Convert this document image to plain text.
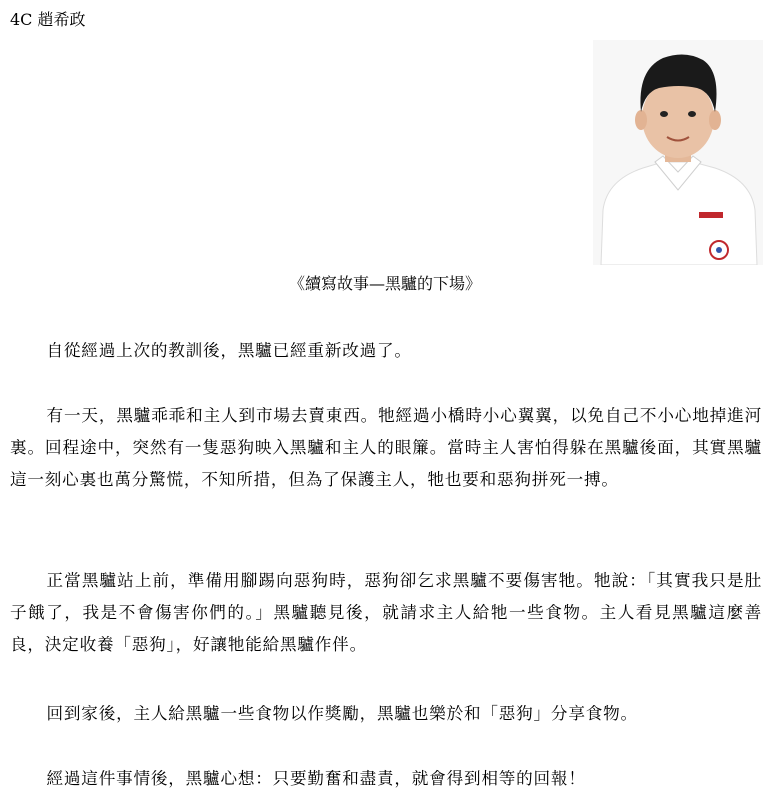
4C 趙希政
《續寫故事—黑驢的下場》

自從經過上次的教訓後，黑驢已經重新改過了。

有一天，黑驢乖乖和主人到市場去賣東西。牠經過小橋時小心翼翼，以免自己不小心地掉進河裏。回程途中，突然有一隻惡狗映入黑驢和主人的眼簾。當時主人害怕得躲在黑驢後面，其實黑驢這一刻心裏也萬分驚慌，不知所措，但為了保護主人，牠也要和惡狗拼死一搏。

正當黑驢站上前，準備用腳踢向惡狗時，惡狗卻乞求黑驢不要傷害牠。牠說：「其實我只是肚子餓了，我是不會傷害你們的。」黑驢聽見後，就請求主人給牠一些食物。主人看見黑驢這麼善良，決定收養「惡狗」，好讓牠能給黑驢作伴。

回到家後，主人給黑驢一些食物以作獎勵，黑驢也樂於和「惡狗」分享食物。

經過這件事情後，黑驢心想：只要勤奮和盡責，就會得到相等的回報！
